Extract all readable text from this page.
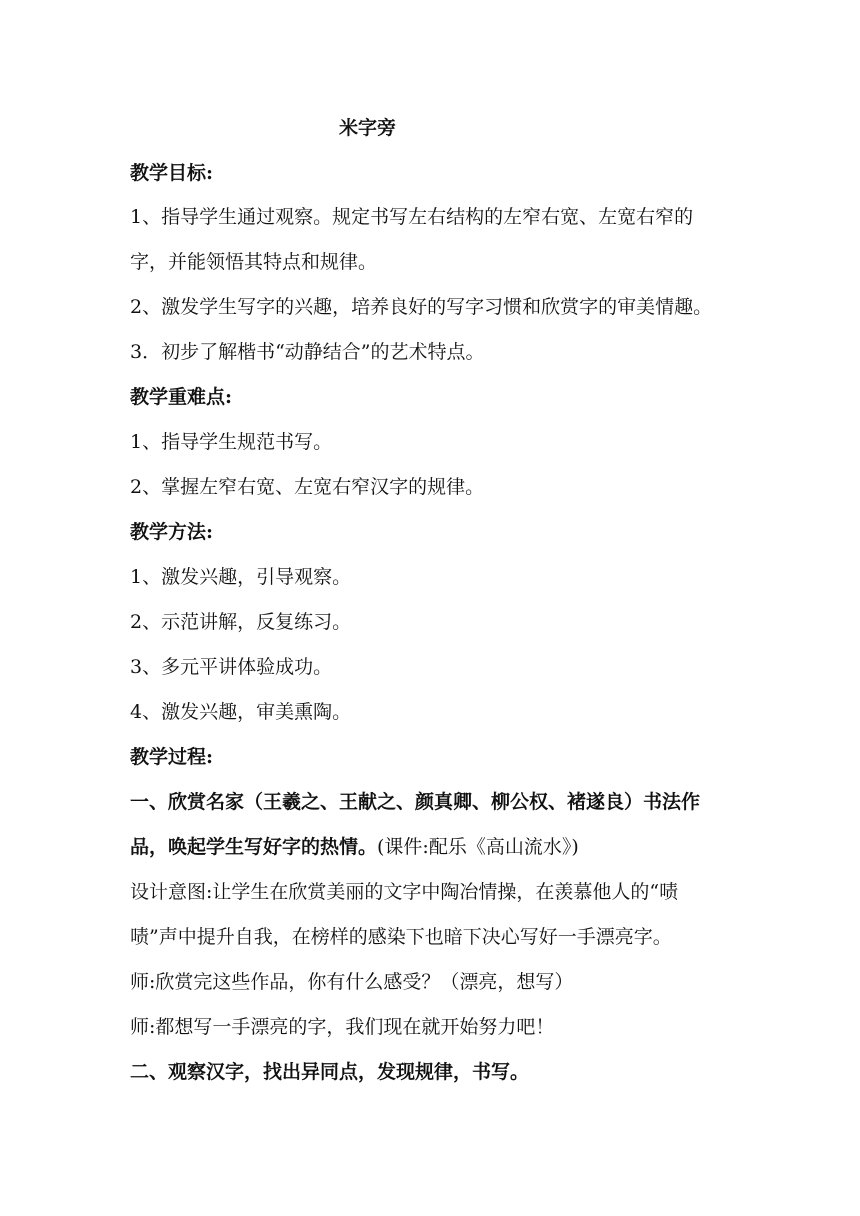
米字旁
教学目标:
1、指导学生通过观察。规定书写左右结构的左窄右宽、左宽右窄的
字，并能领悟其特点和规律。
2、激发学生写字的兴趣，培养良好的写字习惯和欣赏字的审美情趣。
3．初步了解楷书“动静结合”的艺术特点。
教学重难点:
1、指导学生规范书写。
2、掌握左窄右宽、左宽右窄汉字的规律。
教学方法:
1、激发兴趣，引导观察。
2、示范讲解，反复练习。
3、多元平讲体验成功。
4、激发兴趣，审美熏陶。
教学过程:
一、欣赏名家（王羲之、王献之、颜真卿、柳公权、褚遂良）书法作
品，唤起学生写好字的热情。(课件:配乐《高山流水》)
设计意图:让学生在欣赏美丽的文字中陶冶情操，在羡慕他人的“啧
啧”声中提升自我，在榜样的感染下也暗下决心写好一手漂亮字。
师:欣赏完这些作品，你有什么感受？（漂亮，想写）
师:都想写一手漂亮的字，我们现在就开始努力吧！
二、观察汉字，找出异同点，发现规律，书写。
